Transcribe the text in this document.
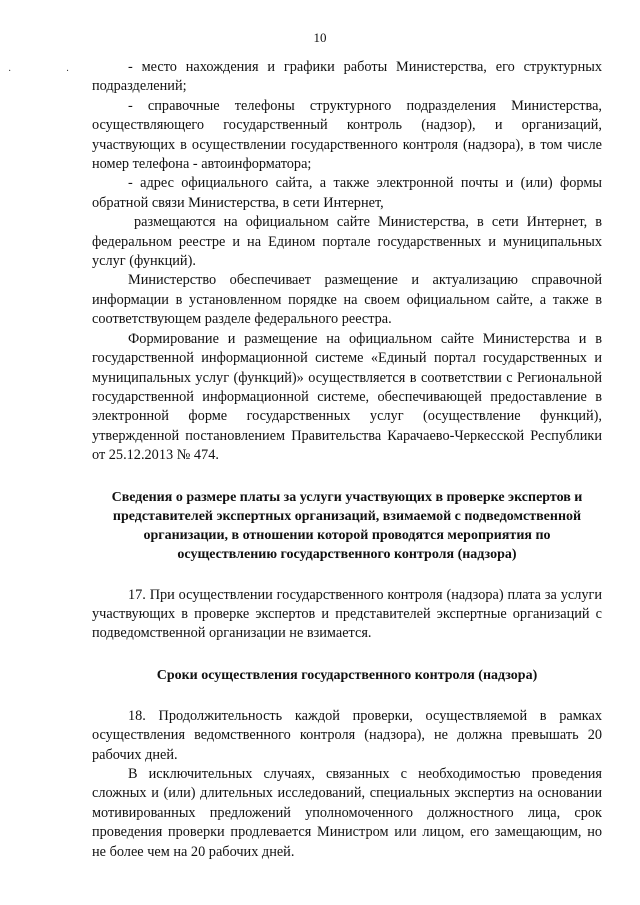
10
· ·	- место нахождения и графики работы Министерства, его структурных подразделений;

- справочные телефоны структурного подразделения Министерства, осуществляющего государственный контроль (надзор), и организаций, участвующих в осуществлении государственного контроля (надзора), в том числе номер телефона - автоинформатора;

- адрес официального сайта, а также электронной почты и (или) формы обратной связи Министерства, в сети Интернет,

размещаются на официальном сайте Министерства, в сети Интернет, в федеральном реестре и на Едином портале государственных и муниципальных услуг (функций).

Министерство обеспечивает размещение и актуализацию справочной информации в установленном порядке на своем официальном сайте, а также в соответствующем разделе федерального реестра.

Формирование и размещение на официальном сайте Министерства и в государственной информационной системе «Единый портал государственных и муниципальных услуг (функций)» осуществляется в соответствии с Региональной государственной информационной системе, обеспечивающей предоставление в электронной форме государственных услуг (осуществление функций), утвержденной постановлением Правительства Карачаево-Черкесской Республики от 25.12.2013 № 474.

Сведения о размере платы за услуги участвующих в проверке экспертов и представителей экспертных организаций, взимаемой с подведомственной организации, в отношении которой проводятся мероприятия по осуществлению государственного контроля (надзора)

17. При осуществлении государственного контроля (надзора) плата за услуги участвующих в проверке экспертов и представителей экспертные организаций с подведомственной организации не взимается.

Сроки осуществления государственного контроля (надзора)

18. Продолжительность каждой проверки, осуществляемой в рамках осуществления ведомственного контроля (надзора), не должна превышать 20 рабочих дней.

В исключительных случаях, связанных с необходимостью проведения сложных и (или) длительных исследований, специальных экспертиз на основании мотивированных предложений уполномоченного должностного лица, срок проведения проверки продлевается Министром или лицом, его замещающим, но не более чем на 20 рабочих дней.
